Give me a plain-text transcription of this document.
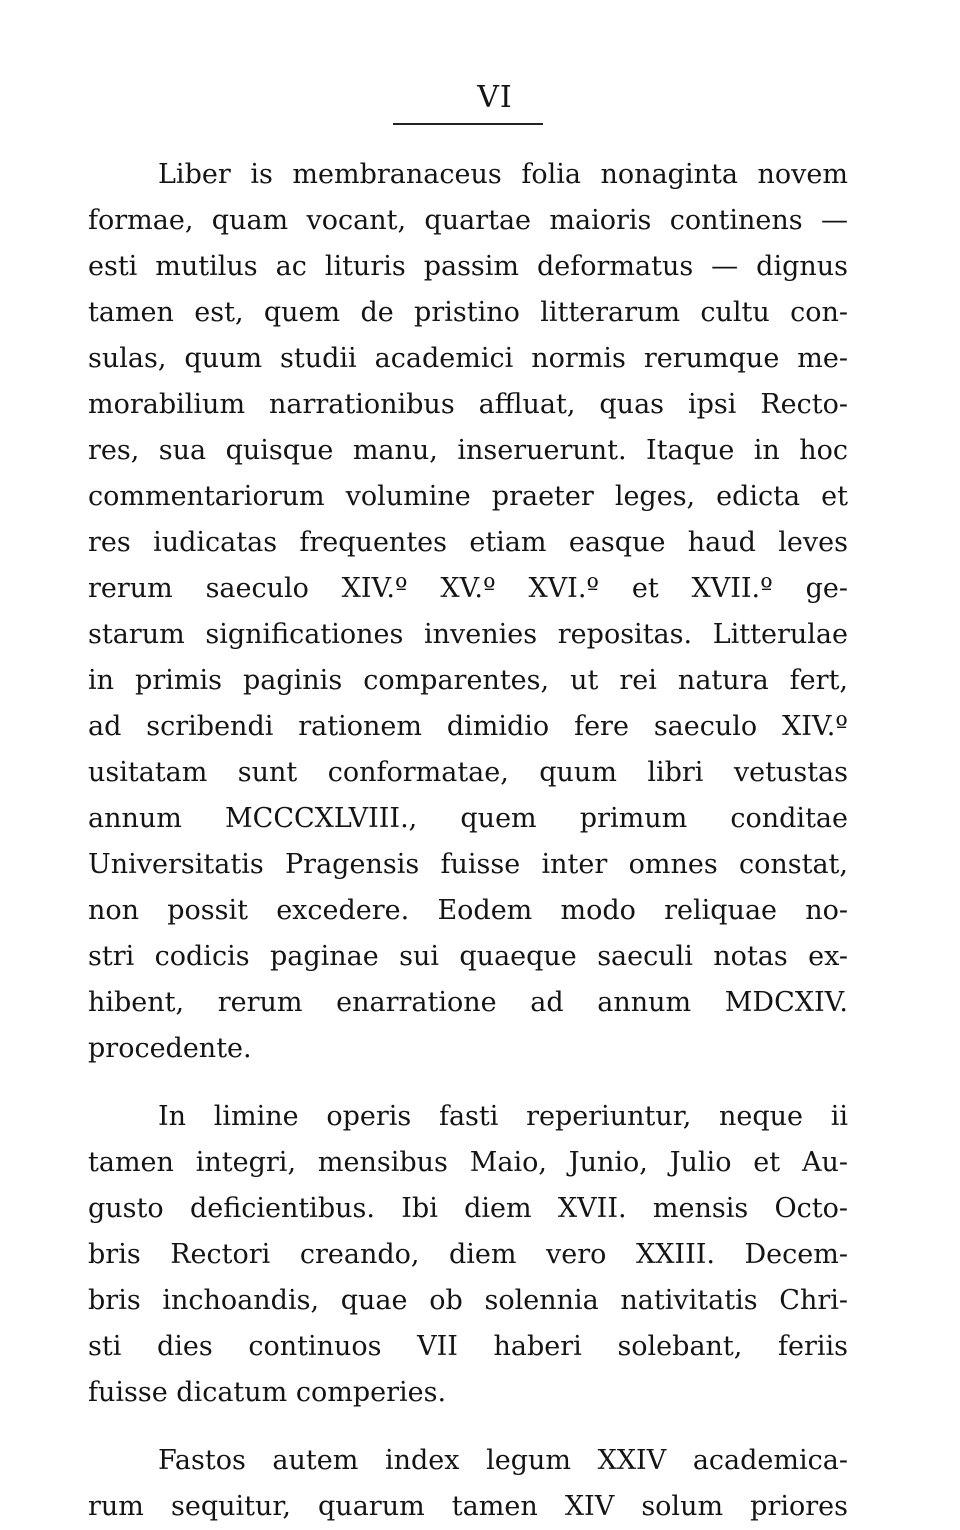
VI
Liber is membranaceus folia nonaginta novem
formae, quam vocant, quartae maioris continens —
esti mutilus ac lituris passim deformatus — dignus
tamen est, quem de pristino litterarum cultu con-
sulas, quum studii academici normis rerumque me-
morabilium narrationibus affluat, quas ipsi Recto-
res, sua quisque manu, inseruerunt. Itaque in hoc
commentariorum volumine praeter leges, edicta et
res iudicatas frequentes etiam easque haud leves
rerum saeculo XIV.º XV.º XVI.º et XVII.º ge-
starum significationes invenies repositas. Litterulae
in primis paginis comparentes, ut rei natura fert,
ad scribendi rationem dimidio fere saeculo XIV.º
usitatam sunt conformatae, quum libri vetustas
annum MCCCXLVIII., quem primum conditae
Universitatis Pragensis fuisse inter omnes constat,
non possit excedere. Eodem modo reliquae no-
stri codicis paginae sui quaeque saeculi notas ex-
hibent, rerum enarratione ad annum MDCXIV.
procedente.
In limine operis fasti reperiuntur, neque ii
tamen integri, mensibus Maio, Junio, Julio et Au-
gusto deficientibus. Ibi diem XVII. mensis Octo-
bris Rectori creando, diem vero XXIII. Decem-
bris inchoandis, quae ob solennia nativitatis Chri-
sti dies continuos VII haberi solebant, feriis
fuisse dicatum comperies.
Fastos autem index legum XXIV academica-
rum sequitur, quarum tamen XIV solum priores
